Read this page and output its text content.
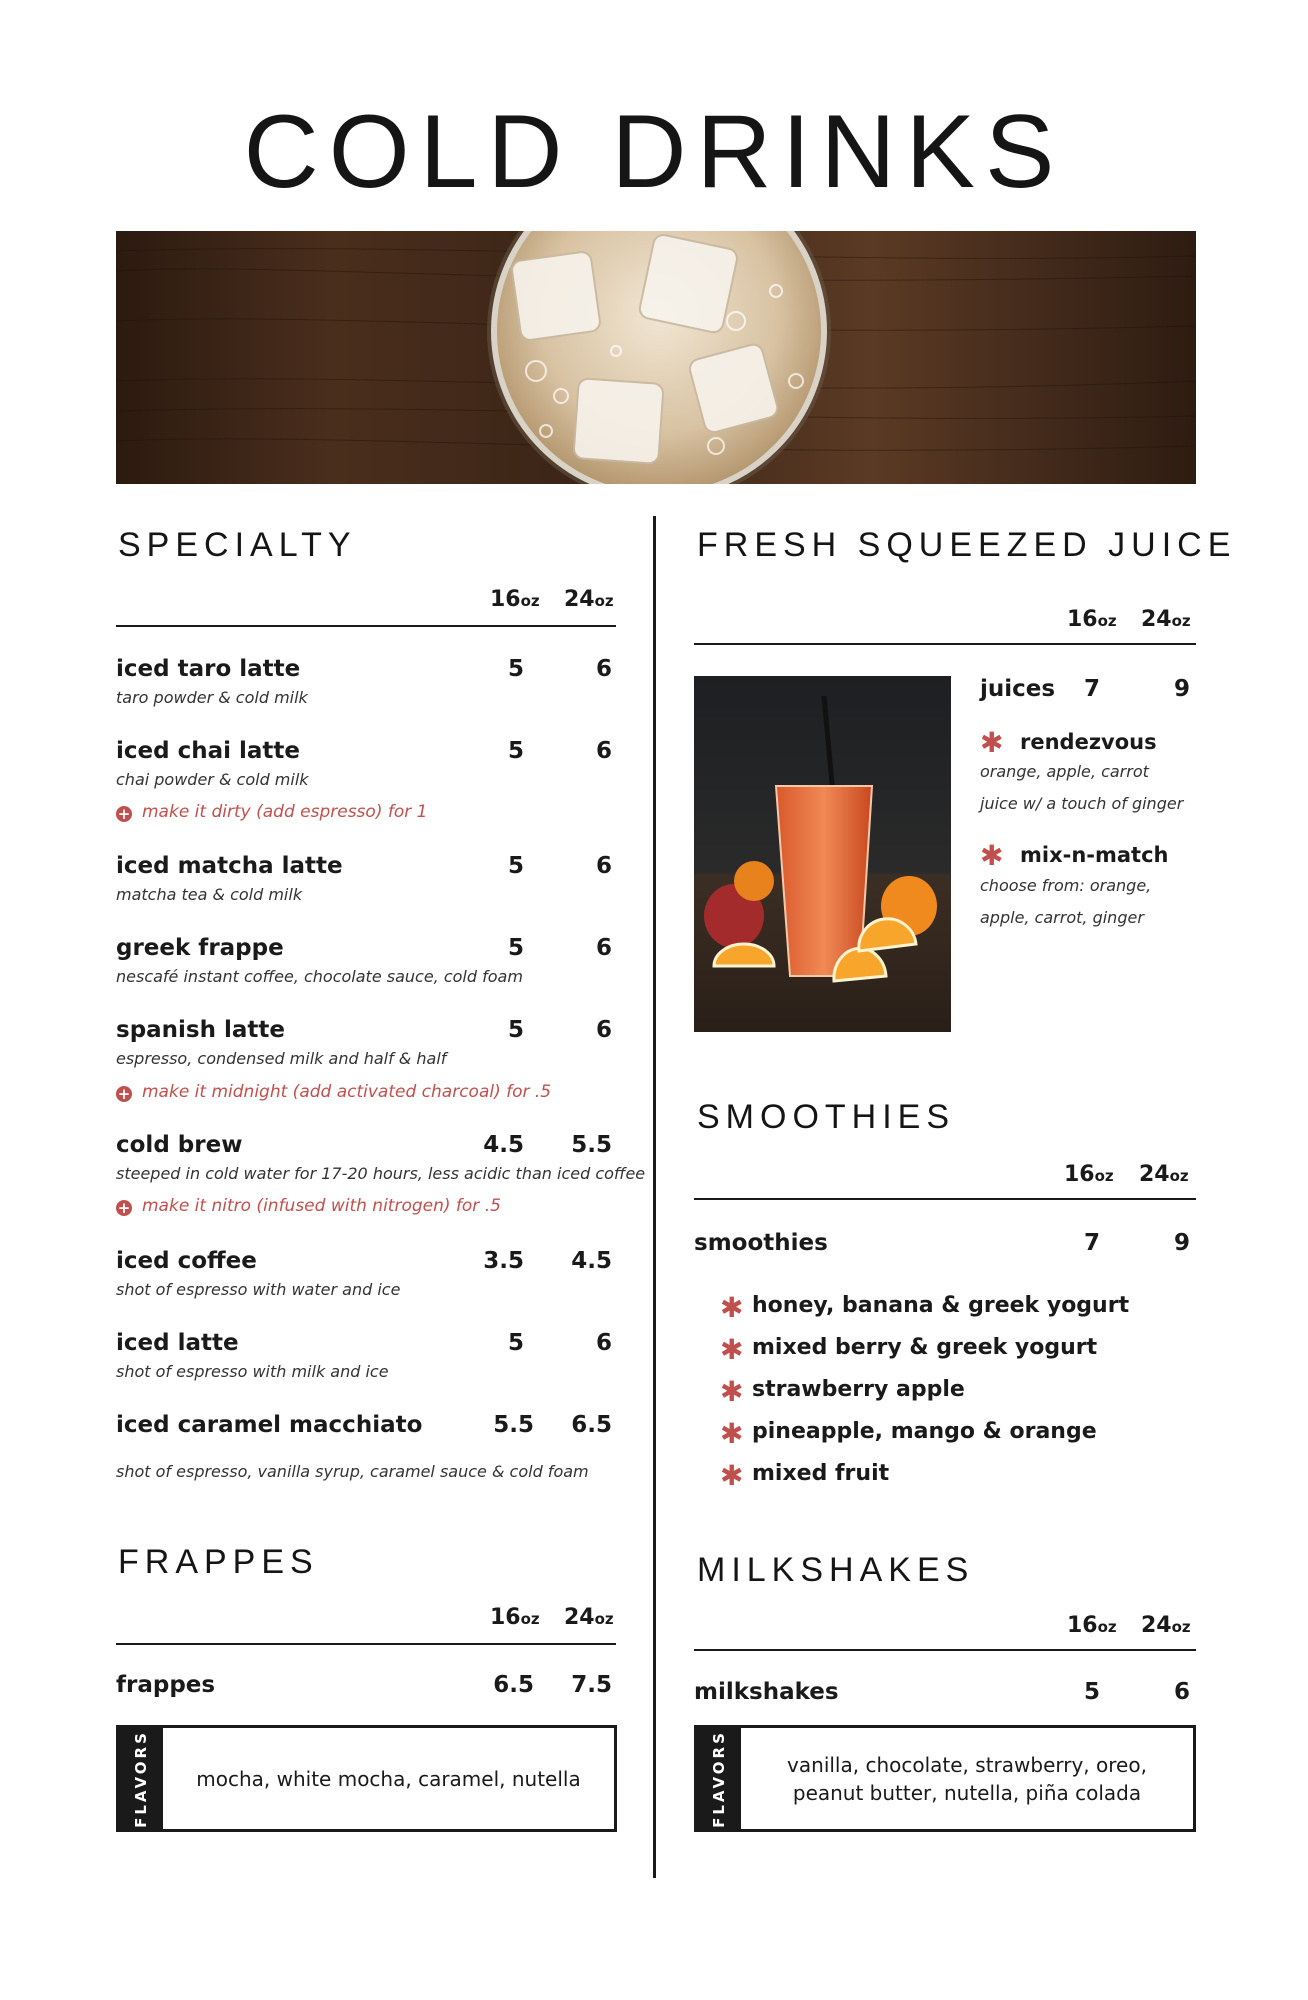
COLD DRINKS
SPECIALTY
16oz 24oz
iced taro latte	5	6
taro powder & cold milk
iced chai latte	5	6
chai powder & cold milk
+ make it dirty (add espresso) for 1
iced matcha latte	5	6
matcha tea & cold milk
greek frappe	5	6
nescafé instant coffee, chocolate sauce, cold foam
spanish latte	5	6
espresso, condensed milk and half & half
+ make it midnight (add activated charcoal) for .5
cold brew	4.5	5.5
steeped in cold water for 17-20 hours, less acidic than iced coffee
+ make it nitro (infused with nitrogen) for .5
iced coffee	3.5	4.5
shot of espresso with water and ice
iced latte	5	6
shot of espresso with milk and ice
iced caramel macchiato	5.5	6.5
shot of espresso, vanilla syrup, caramel sauce & cold foam
FRAPPES
16oz 24oz
frappes	6.5	7.5
FLAVORS	mocha, white mocha, caramel, nutella
FRESH SQUEEZED JUICE
16oz 24oz
juices	7	9
✱ rendezvous
orange, apple, carrot
juice w/ a touch of ginger
✱ mix-n-match
choose from: orange,
apple, carrot, ginger
SMOOTHIES
16oz 24oz
smoothies	7	9
✱ honey, banana & greek yogurt
✱ mixed berry & greek yogurt
✱ strawberry apple
✱ pineapple, mango & orange
✱ mixed fruit
MILKSHAKES
16oz 24oz
milkshakes	5	6
FLAVORS	vanilla, chocolate, strawberry, oreo,
peanut butter, nutella, piña colada
